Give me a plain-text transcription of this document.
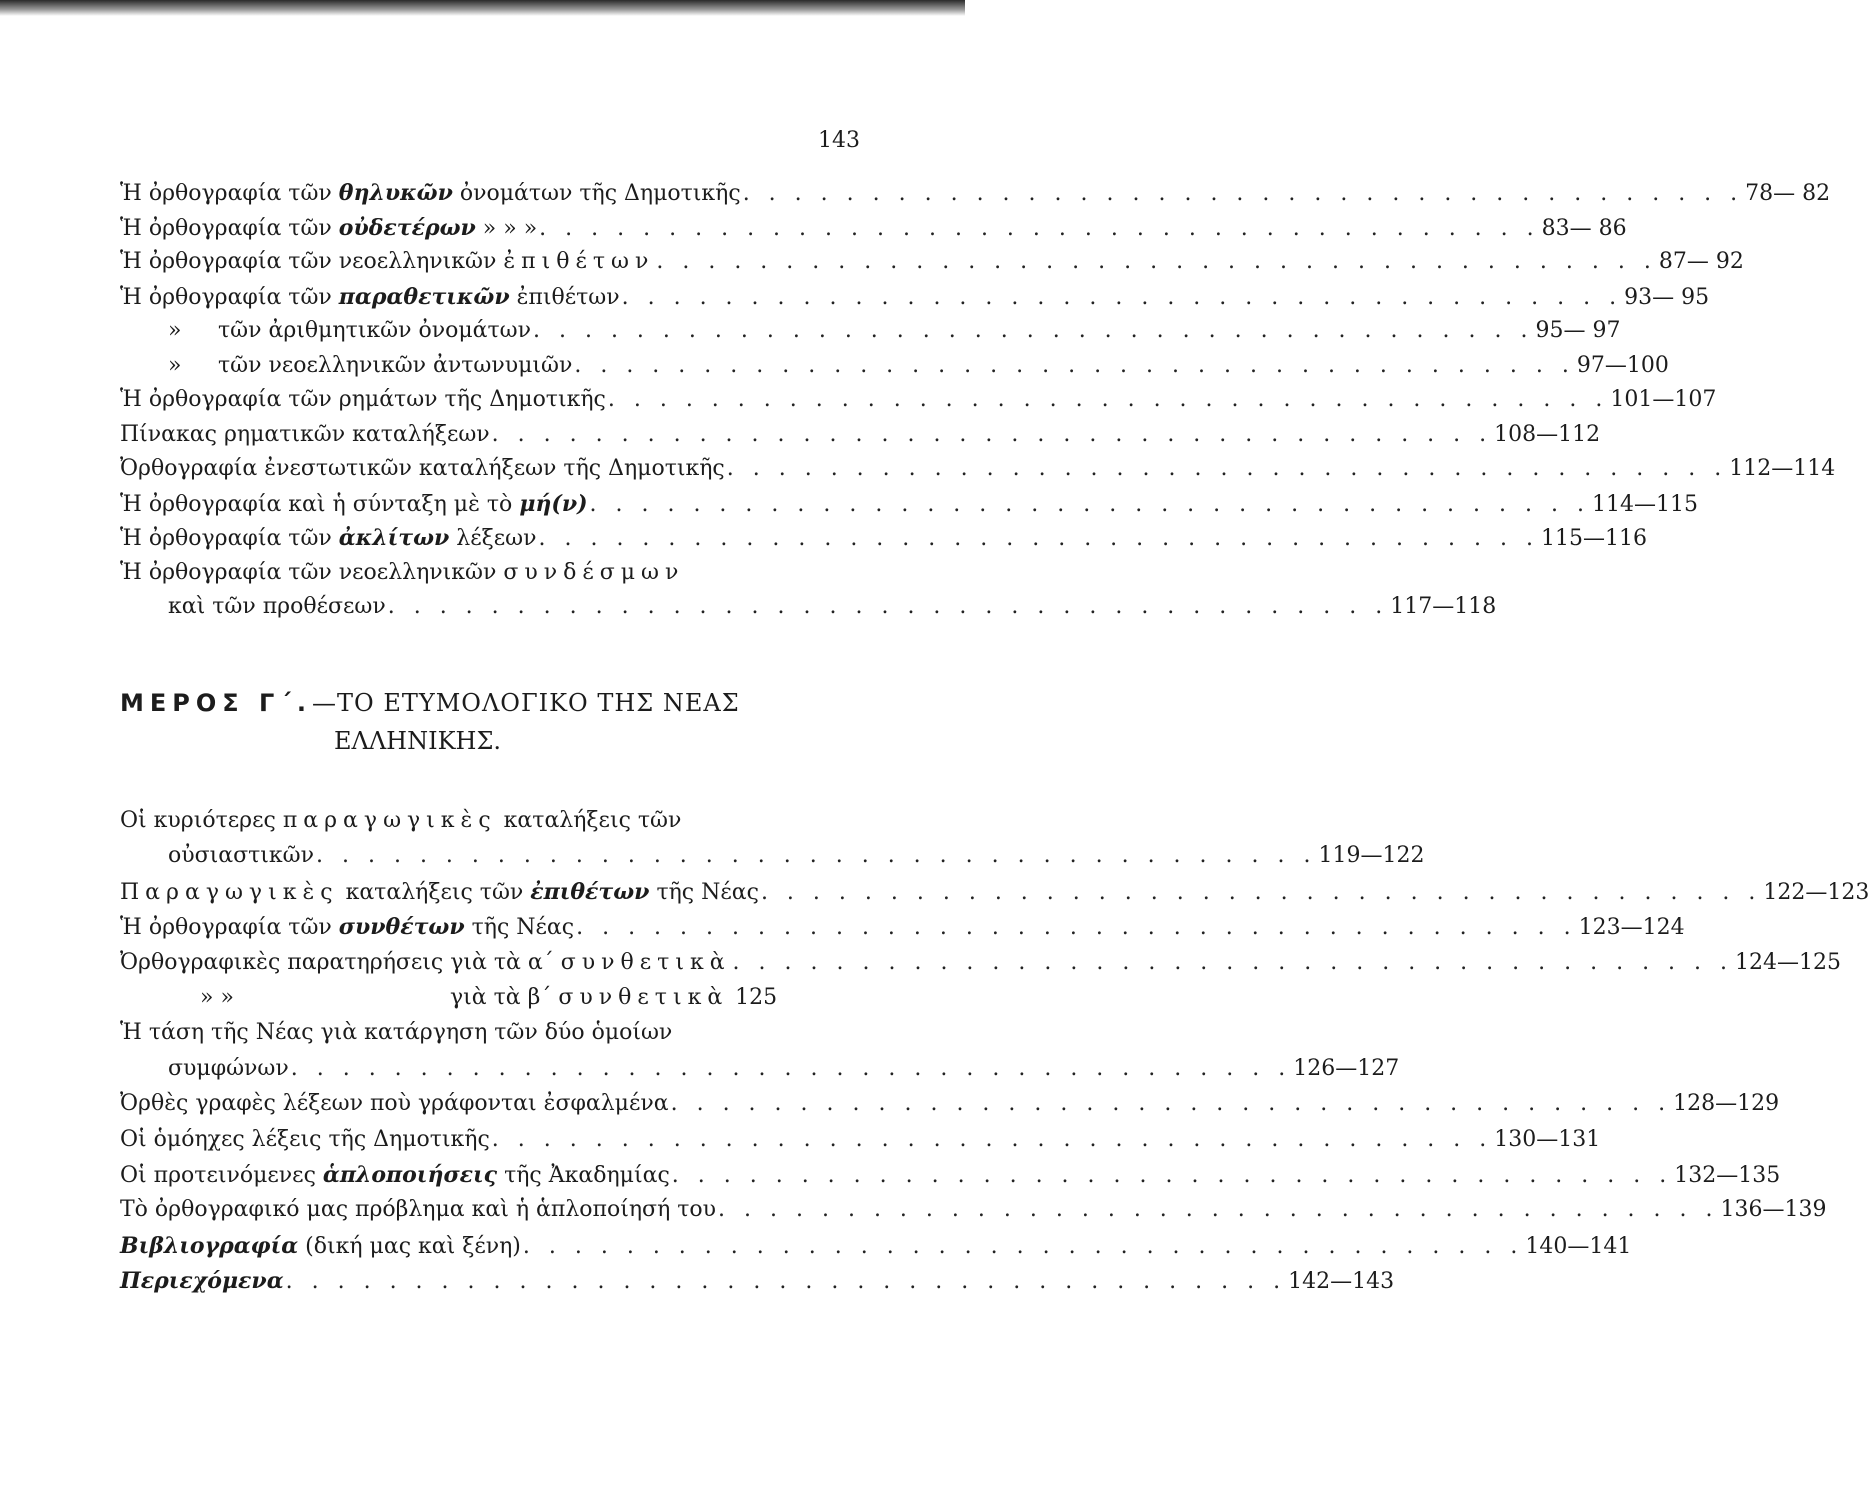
143
Ἡ ὀρθογραφία τῶν θηλυκῶν ὀνομάτων τῆς Δημοτικῆς . . . . . . . . . . . . . . . . . . . . . . . . . . . . . . . . . . . . . . . 78— 82
Ἡ ὀρθογραφία τῶν οὐδετέρων » » » . . . . . . . . . . . . . . . . . . . . . . . . . . . . . . . . . . . . . . . 83— 86
Ἡ ὀρθογραφία τῶν νεοελληνικῶν ἐπιθέτων . . . . . . . . . . . . . . . . . . . . . . . . . . . . . . . . . . . . . . . 87— 92
Ἡ ὀρθογραφία τῶν παραθετικῶν ἐπιθέτων . . . . . . . . . . . . . . . . . . . . . . . . . . . . . . . . . . . . . . . 93— 95
» τῶν ἀριθμητικῶν ὀνομάτων . . . . . . . . . . . . . . . . . . . . . . . . . . . . . . . . . . . . . . . 95— 97
» τῶν νεοελληνικῶν ἀντωνυμιῶν . . . . . . . . . . . . . . . . . . . . . . . . . . . . . . . . . . . . . . . 97—100
Ἡ ὀρθογραφία τῶν ρημάτων τῆς Δημοτικῆς . . . . . . . . . . . . . . . . . . . . . . . . . . . . . . . . . . . . . . . 101—107
Πίνακας ρηματικῶν καταλήξεων . . . . . . . . . . . . . . . . . . . . . . . . . . . . . . . . . . . . . . . 108—112
Ὀρθογραφία ἐνεστωτικῶν καταλήξεων τῆς Δημοτικῆς . . . . . . . . . . . . . . . . . . . . . . . . . . . . . . . . . . . . . . . 112—114
Ἡ ὀρθογραφία καὶ ἡ σύνταξη μὲ τὸ μή(ν) . . . . . . . . . . . . . . . . . . . . . . . . . . . . . . . . . . . . . . . 114—115
Ἡ ὀρθογραφία τῶν ἀκλίτων λέξεων . . . . . . . . . . . . . . . . . . . . . . . . . . . . . . . . . . . . . . . 115—116
Ἡ ὀρθογραφία τῶν νεοελληνικῶν συνδέσμων
καὶ τῶν προθέσεων . . . . . . . . . . . . . . . . . . . . . . . . . . . . . . . . . . . . . . . 117—118
ΜΕΡΟΣ Γ΄.—ΤΟ ΕΤΥΜΟΛΟΓΙΚΟ ΤΗΣ ΝΕΑΣ
ΕΛΛΗΝΙΚΗΣ.
Οἱ κυριότερες παραγωγικὲς καταλήξεις τῶν
οὐσιαστικῶν . . . . . . . . . . . . . . . . . . . . . . . . . . . . . . . . . . . . . . . 119—122
Παραγωγικὲς καταλήξεις τῶν ἐπιθέτων τῆς Νέας . . . . . . . . . . . . . . . . . . . . . . . . . . . . . . . . . . . . . . . 122—123
Ἡ ὀρθογραφία τῶν συνθέτων τῆς Νέας . . . . . . . . . . . . . . . . . . . . . . . . . . . . . . . . . . . . . . . 123—124
Ὀρθογραφικὲς παρατηρήσεις γιὰ τὰ α΄ συνθετικὰ . . . . . . . . . . . . . . . . . . . . . . . . . . . . . . . . . . . . . . . 124—125
» »	γιὰ τὰ β΄ συνθετικὰ 125
Ἡ τάση τῆς Νέας γιὰ κατάργηση τῶν δύο ὁμοίων
συμφώνων . . . . . . . . . . . . . . . . . . . . . . . . . . . . . . . . . . . . . . . 126—127
Ὀρθὲς γραφὲς λέξεων ποὺ γράφονται ἐσφαλμένα . . . . . . . . . . . . . . . . . . . . . . . . . . . . . . . . . . . . . . . 128—129
Οἱ ὁμόηχες λέξεις τῆς Δημοτικῆς . . . . . . . . . . . . . . . . . . . . . . . . . . . . . . . . . . . . . . . 130—131
Οἱ προτεινόμενες ἁπλοποιήσεις τῆς Ἀκαδημίας . . . . . . . . . . . . . . . . . . . . . . . . . . . . . . . . . . . . . . . 132—135
Τὸ ὀρθογραφικό μας πρόβλημα καὶ ἡ ἁπλοποίησή του . . . . . . . . . . . . . . . . . . . . . . . . . . . . . . . . . . . . . . . 136—139
Βιβλιογραφία (δική μας καὶ ξένη) . . . . . . . . . . . . . . . . . . . . . . . . . . . . . . . . . . . . . . . 140—141
Περιεχόμενα . . . . . . . . . . . . . . . . . . . . . . . . . . . . . . . . . . . . . . . 142—143
